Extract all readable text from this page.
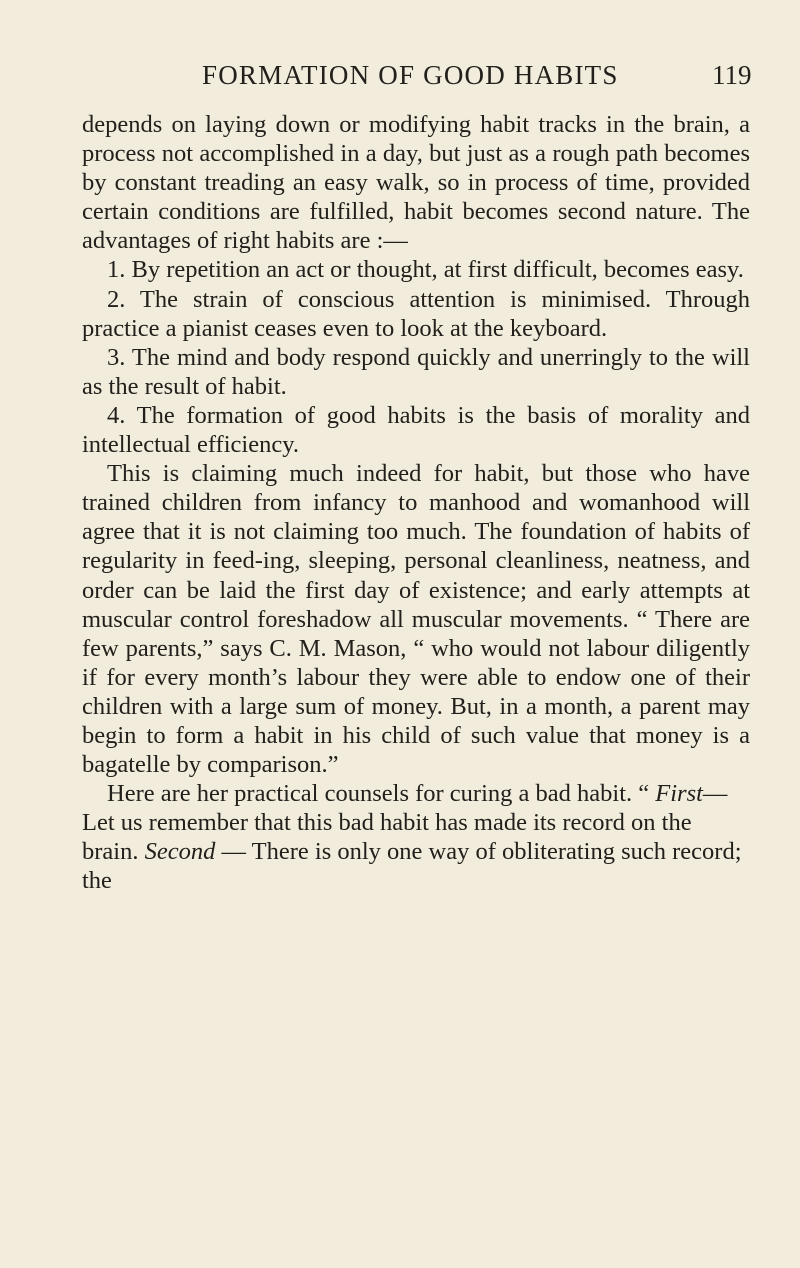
FORMATION OF GOOD HABITS	119

depends on laying down or modifying habit tracks in the brain, a process not accomplished in a day, but just as a rough path becomes by constant treading an easy walk, so in process of time, provided certain conditions are fulfilled, habit becomes second nature. The advantages of right habits are :—

1. By repetition an act or thought, at first difficult, becomes easy.

2. The strain of conscious attention is minimised. Through practice a pianist ceases even to look at the keyboard.

3. The mind and body respond quickly and unerringly to the will as the result of habit.

4. The formation of good habits is the basis of morality and intellectual efficiency.

This is claiming much indeed for habit, but those who have trained children from infancy to manhood and womanhood will agree that it is not claiming too much. The foundation of habits of regularity in feed-ing, sleeping, personal cleanliness, neatness, and order can be laid the first day of existence; and early attempts at muscular control foreshadow all muscular movements. “ There are few parents,” says C. M. Mason, “ who would not labour diligently if for every month’s labour they were able to endow one of their children with a large sum of money. But, in a month, a parent may begin to form a habit in his child of such value that money is a bagatelle by comparison.”

Here are her practical counsels for curing a bad habit. “ First—Let us remember that this bad habit has made its record on the brain. Second — There is only one way of obliterating such record; the
